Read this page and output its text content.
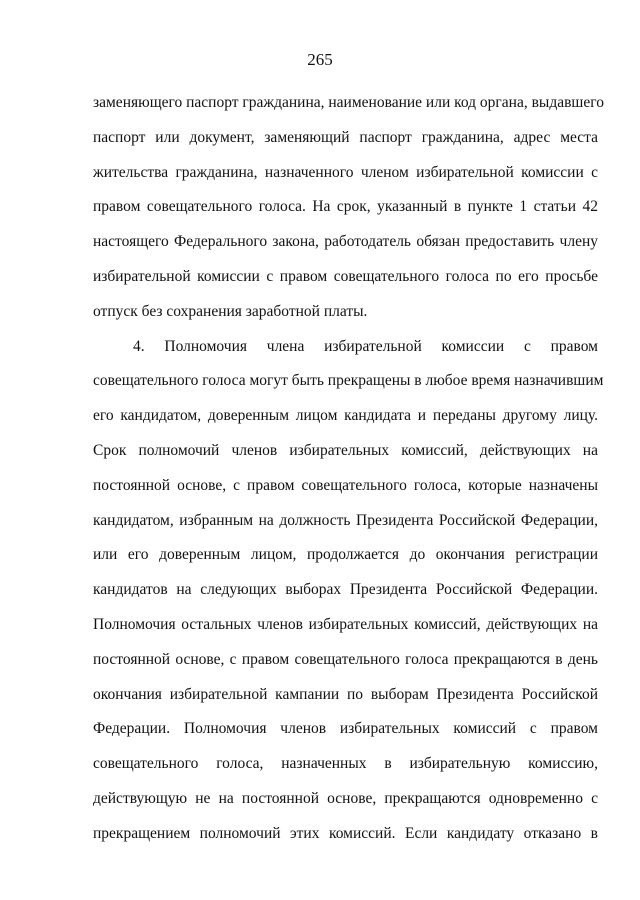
265
заменяющего паспорт гражданина, наименование или код органа, выдавшего
паспорт или документ, заменяющий паспорт гражданина, адрес места
жительства гражданина, назначенного членом избирательной комиссии с
правом совещательного голоса. На срок, указанный в пункте 1 статьи 42
настоящего Федерального закона, работодатель обязан предоставить члену
избирательной комиссии с правом совещательного голоса по его просьбе
отпуск без сохранения заработной платы.
4. Полномочия члена избирательной комиссии с правом
совещательного голоса могут быть прекращены в любое время назначившим
его кандидатом, доверенным лицом кандидата и переданы другому лицу.
Срок полномочий членов избирательных комиссий, действующих на
постоянной основе, с правом совещательного голоса, которые назначены
кандидатом, избранным на должность Президента Российской Федерации,
или его доверенным лицом, продолжается до окончания регистрации
кандидатов на следующих выборах Президента Российской Федерации.
Полномочия остальных членов избирательных комиссий, действующих на
постоянной основе, с правом совещательного голоса прекращаются в день
окончания избирательной кампании по выборам Президента Российской
Федерации. Полномочия членов избирательных комиссий с правом
совещательного голоса, назначенных в избирательную комиссию,
действующую не на постоянной основе, прекращаются одновременно с
прекращением полномочий этих комиссий. Если кандидату отказано в
